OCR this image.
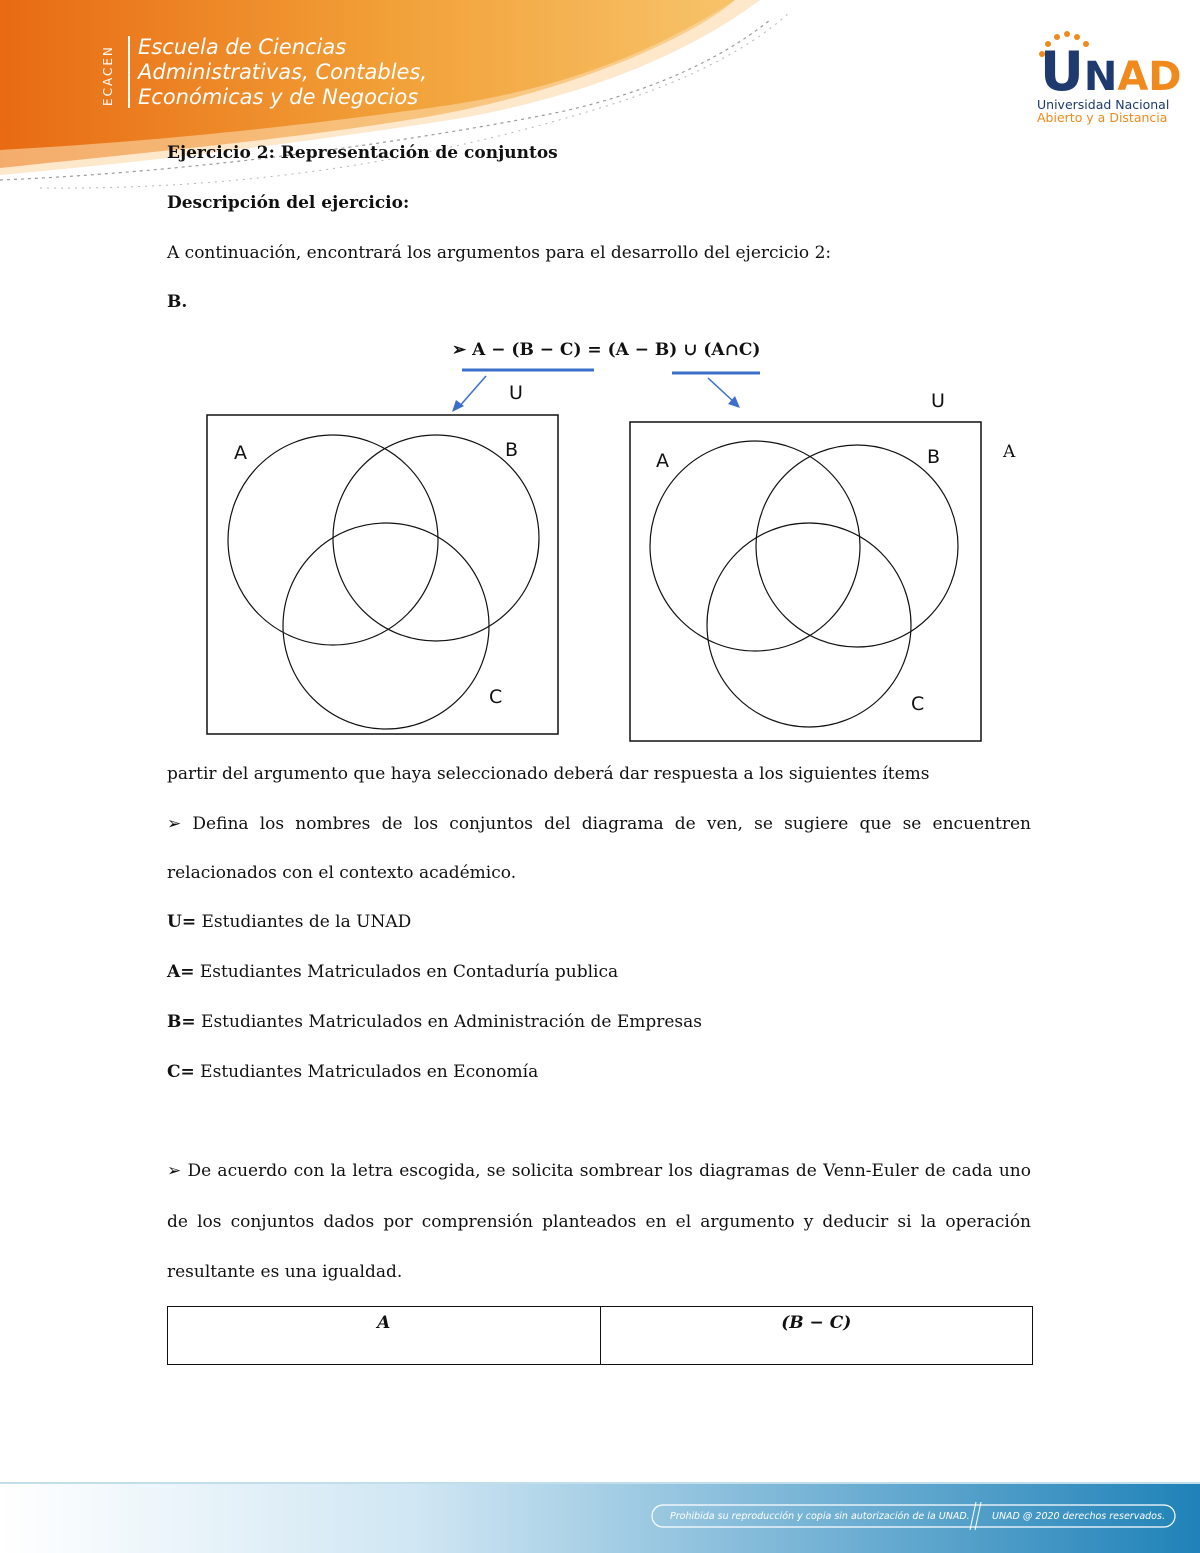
ECACEN Escuela de Ciencias
Administrativas, Contables,
Económicas y de Negocios	UNAD
Universidad Nacional
Abierto y a Distancia
Ejercicio 2: Representación de conjuntos
Descripción del ejercicio:
A continuación, encontrará los argumentos para el desarrollo del ejercicio 2:
B.
➢ A − (B − C) = (A − B) ∪ (A∩C)
U
A	B
C
U
A	B
C
A
partir del argumento que haya seleccionado deberá dar respuesta a los siguientes ítems
➢ Defina los nombres de los conjuntos del diagrama de ven, se sugiere que se encuentren
relacionados con el contexto académico.
U= Estudiantes de la UNAD
A= Estudiantes Matriculados en Contaduría publica
B= Estudiantes Matriculados en Administración de Empresas
C= Estudiantes Matriculados en Economía
➢ De acuerdo con la letra escogida, se solicita sombrear los diagramas de Venn-Euler de cada uno
de los conjuntos dados por comprensión planteados en el argumento y deducir si la operación
resultante es una igualdad.
A	(B − C)
Prohibida su reproducción y copia sin autorización de la UNAD. UNAD @ 2020 derechos reservados.
